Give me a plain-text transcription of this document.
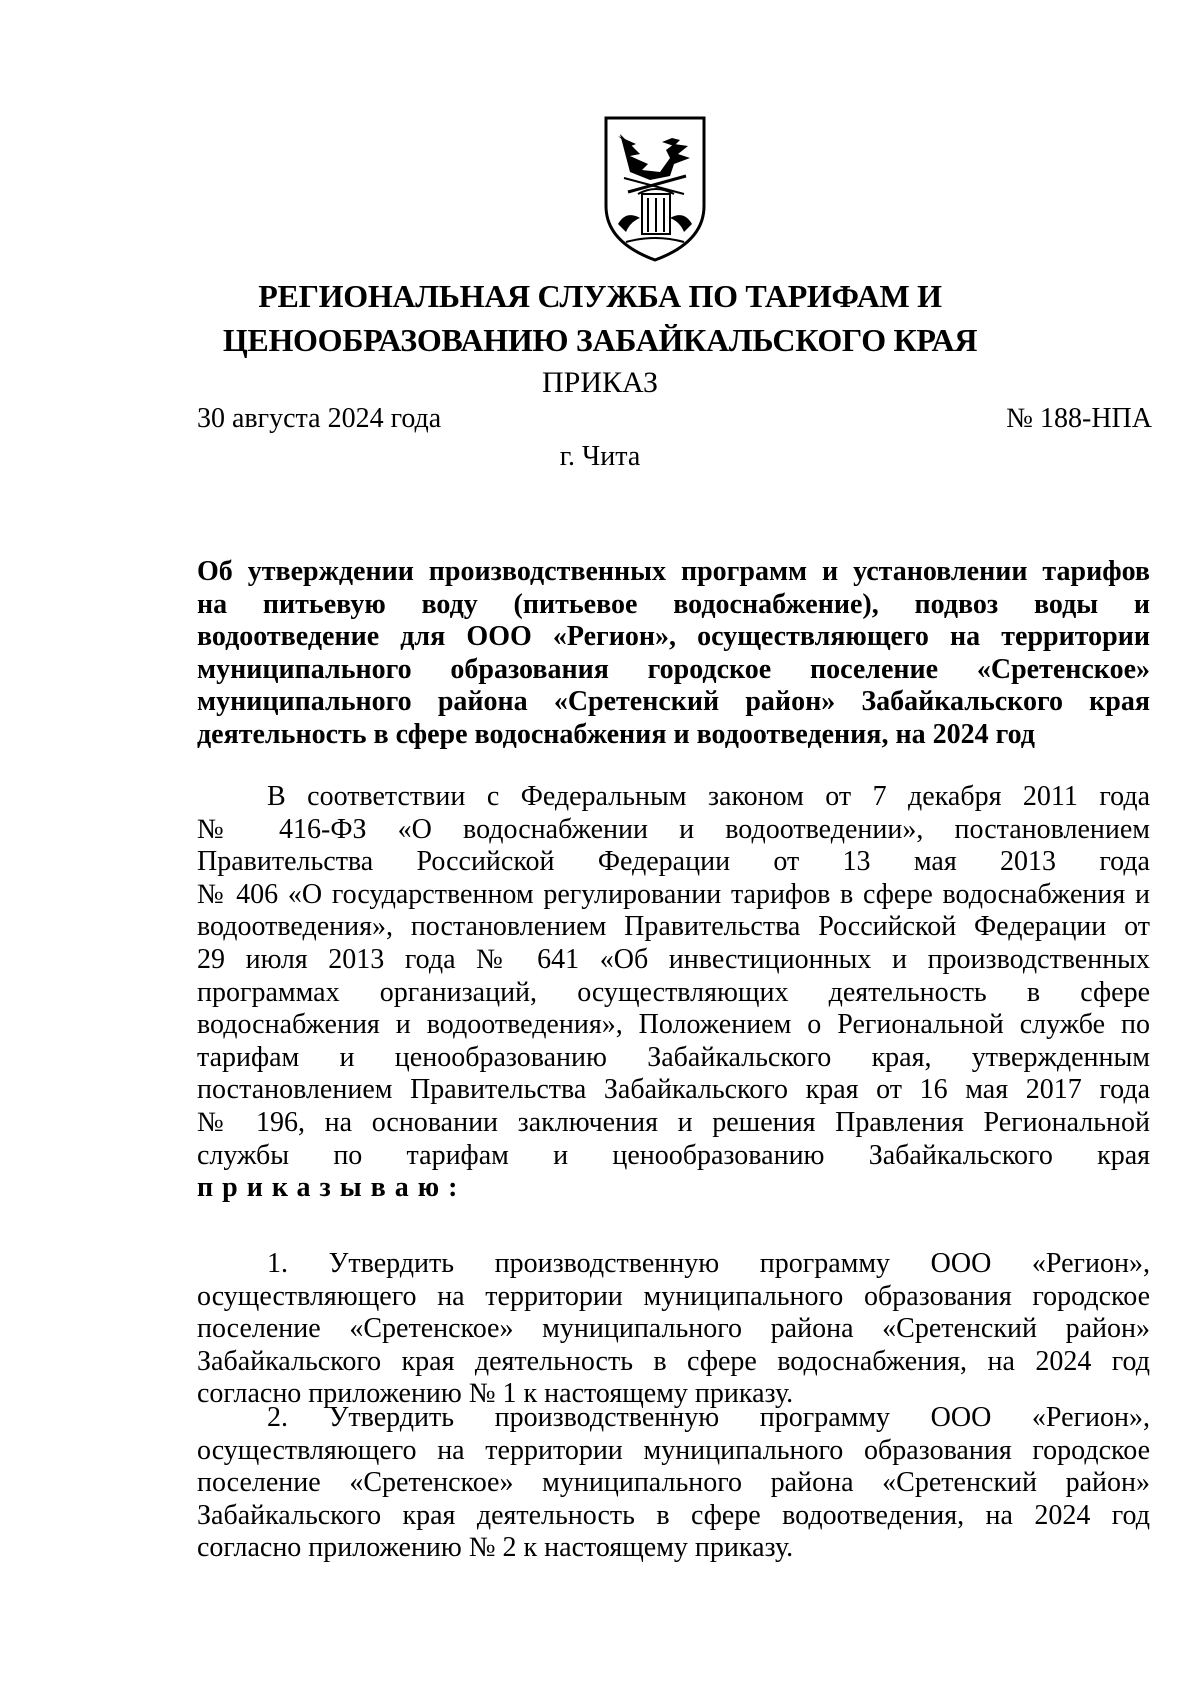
РЕГИОНАЛЬНАЯ СЛУЖБА ПО ТАРИФАМ И
ЦЕНООБРАЗОВАНИЮ ЗАБАЙКАЛЬСКОГО КРАЯ
ПРИКАЗ
30 августа 2024 года	№ 188-НПА
г. Чита
Об утверждении производственных программ и установлении тарифов
на питьевую воду (питьевое водоснабжение), подвоз воды и
водоотведение для ООО «Регион», осуществляющего на территории
муниципального образования городское поселение «Сретенское»
муниципального района «Сретенский район» Забайкальского края
деятельность в сфере водоснабжения и водоотведения, на 2024 год
В соответствии с Федеральным законом от 7 декабря 2011 года
№ 416-ФЗ «О водоснабжении и водоотведении», постановлением
Правительства Российской Федерации от 13 мая 2013 года
№ 406 «О государственном регулировании тарифов в сфере водоснабжения и
водоотведения», постановлением Правительства Российской Федерации от
29 июля 2013 года № 641 «Об инвестиционных и производственных
программах организаций, осуществляющих деятельность в сфере
водоснабжения и водоотведения», Положением о Региональной службе по
тарифам и ценообразованию Забайкальского края, утвержденным
постановлением Правительства Забайкальского края от 16 мая 2017 года
№ 196, на основании заключения и решения Правления Региональной
службы по тарифам и ценообразованию Забайкальского края
приказываю:
1. Утвердить производственную программу ООО «Регион»,
осуществляющего на территории муниципального образования городское
поселение «Сретенское» муниципального района «Сретенский район»
Забайкальского края деятельность в сфере водоснабжения, на 2024 год
согласно приложению № 1 к настоящему приказу.
2. Утвердить производственную программу ООО «Регион»,
осуществляющего на территории муниципального образования городское
поселение «Сретенское» муниципального района «Сретенский район»
Забайкальского края деятельность в сфере водоотведения, на 2024 год
согласно приложению № 2 к настоящему приказу.
